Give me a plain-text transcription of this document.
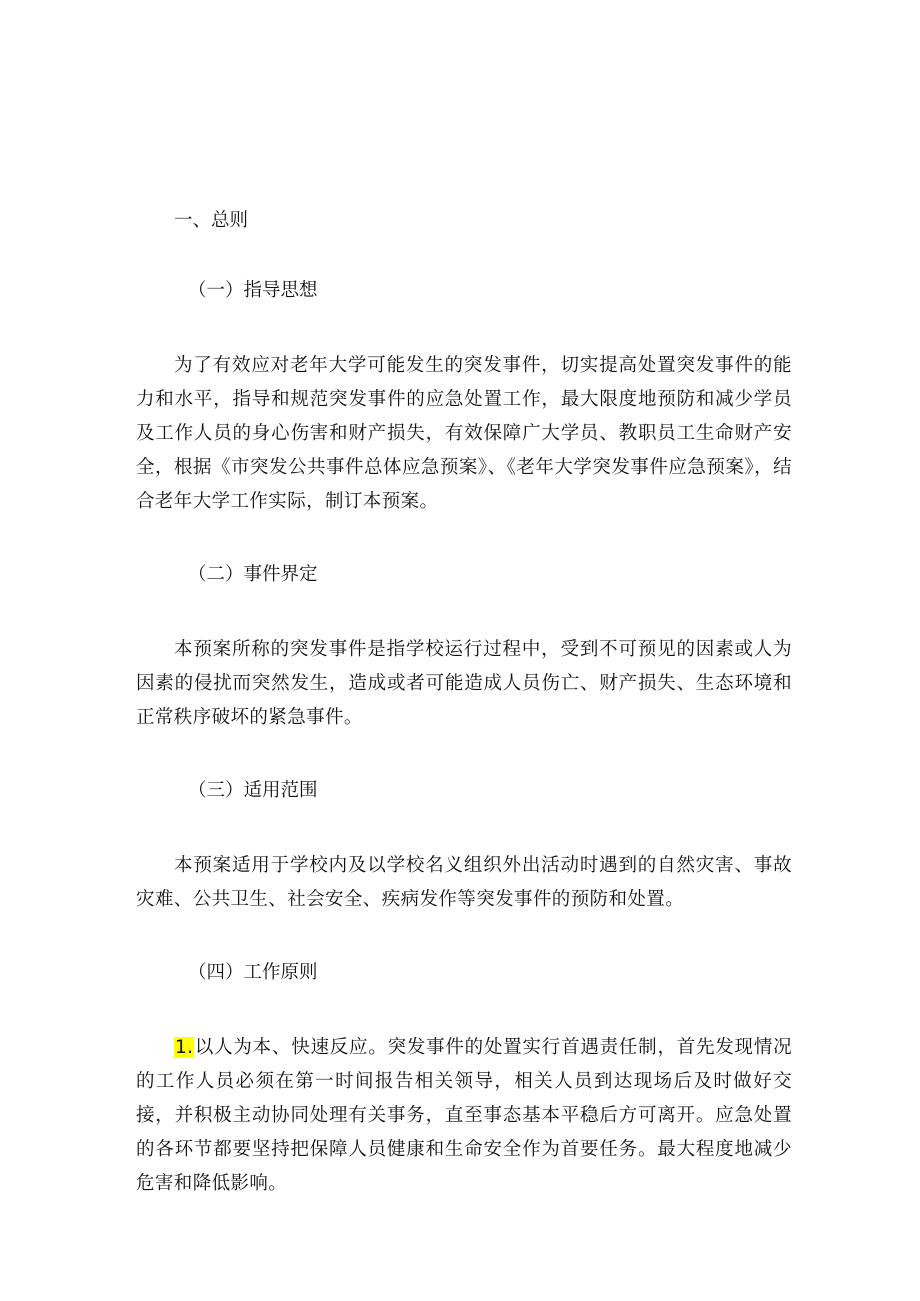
一、总则

（一）指导思想

为了有效应对老年大学可能发生的突发事件，切实提高处置突发事件的能力和水平，指导和规范突发事件的应急处置工作，最大限度地预防和减少学员及工作人员的身心伤害和财产损失，有效保障广大学员、教职员工生命财产安全，根据《市突发公共事件总体应急预案》、《老年大学突发事件应急预案》，结合老年大学工作实际，制订本预案。

（二）事件界定

本预案所称的突发事件是指学校运行过程中，受到不可预见的因素或人为因素的侵扰而突然发生，造成或者可能造成人员伤亡、财产损失、生态环境和正常秩序破坏的紧急事件。

（三）适用范围

本预案适用于学校内及以学校名义组织外出活动时遇到的自然灾害、事故灾难、公共卫生、社会安全、疾病发作等突发事件的预防和处置。

（四）工作原则

1.以人为本、快速反应。突发事件的处置实行首遇责任制，首先发现情况的工作人员必须在第一时间报告相关领导，相关人员到达现场后及时做好交接，并积极主动协同处理有关事务，直至事态基本平稳后方可离开。应急处置的各环节都要坚持把保障人员健康和生命安全作为首要任务。最大程度地减少危害和降低影响。
